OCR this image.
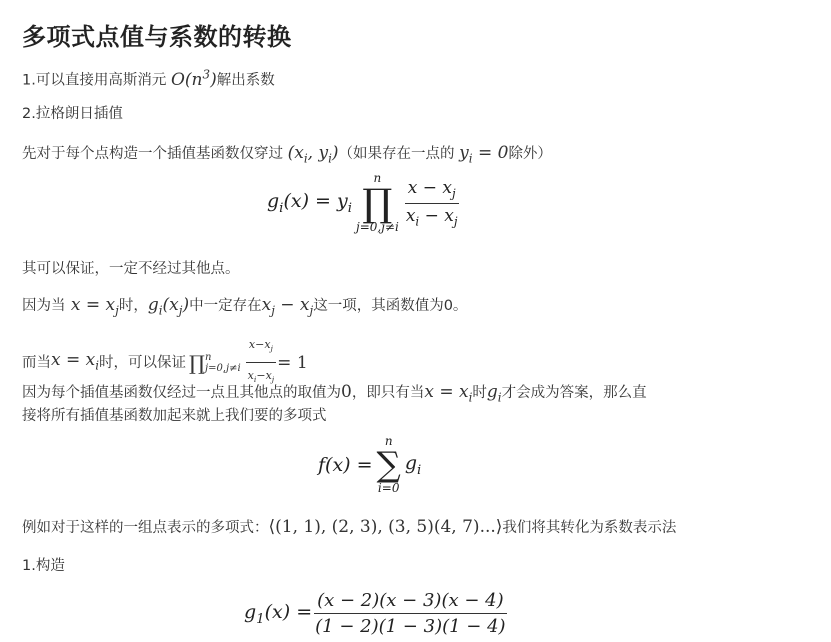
多项式点值与系数的转换
1.可以直接用高斯消元 $O(n^3)$解出系数
2.拉格朗日插值
先对于每个点构造一个插值基函数仅穿过 ($x_i$, $y_i$)（如果存在一点的 $y_i = 0$除外）
$g_i(x) = y_i$
n
∏
$j=0,j\ne i \frac{x - x_j}{x_i - x_j}$
其可以保证，一定不经过其他点。
因为当 $x = x_j$时，$g_i(x_j)$中一定存在$x_j - x_j$这一项，其函数值为0。
而当 $x = x_i$ 时，可以保证 ∏ n
$j=0,j\ne i \frac{x-x_j}{x_i-x_j} = 1$
因为每个插值基函数仅经过一点且其他点的取值为0，即只有当$x = x_i$时$g_i$才会成为答案，那么直
接将所有插值基函数加起来就上我们要的多项式
f(x) =
n
∑
i=0
$g_i$
例如对于这样的一组点表示的多项式：⟨(1, 1), (2, 3), (3, 5)(4, 7)...⟩我们将其转化为系数表示法
1.构造
$g_1(x) = \frac{(x - 2)(x - 3)(x - 4)}{(1 - 2)(1 - 3)(1 - 4)}$
